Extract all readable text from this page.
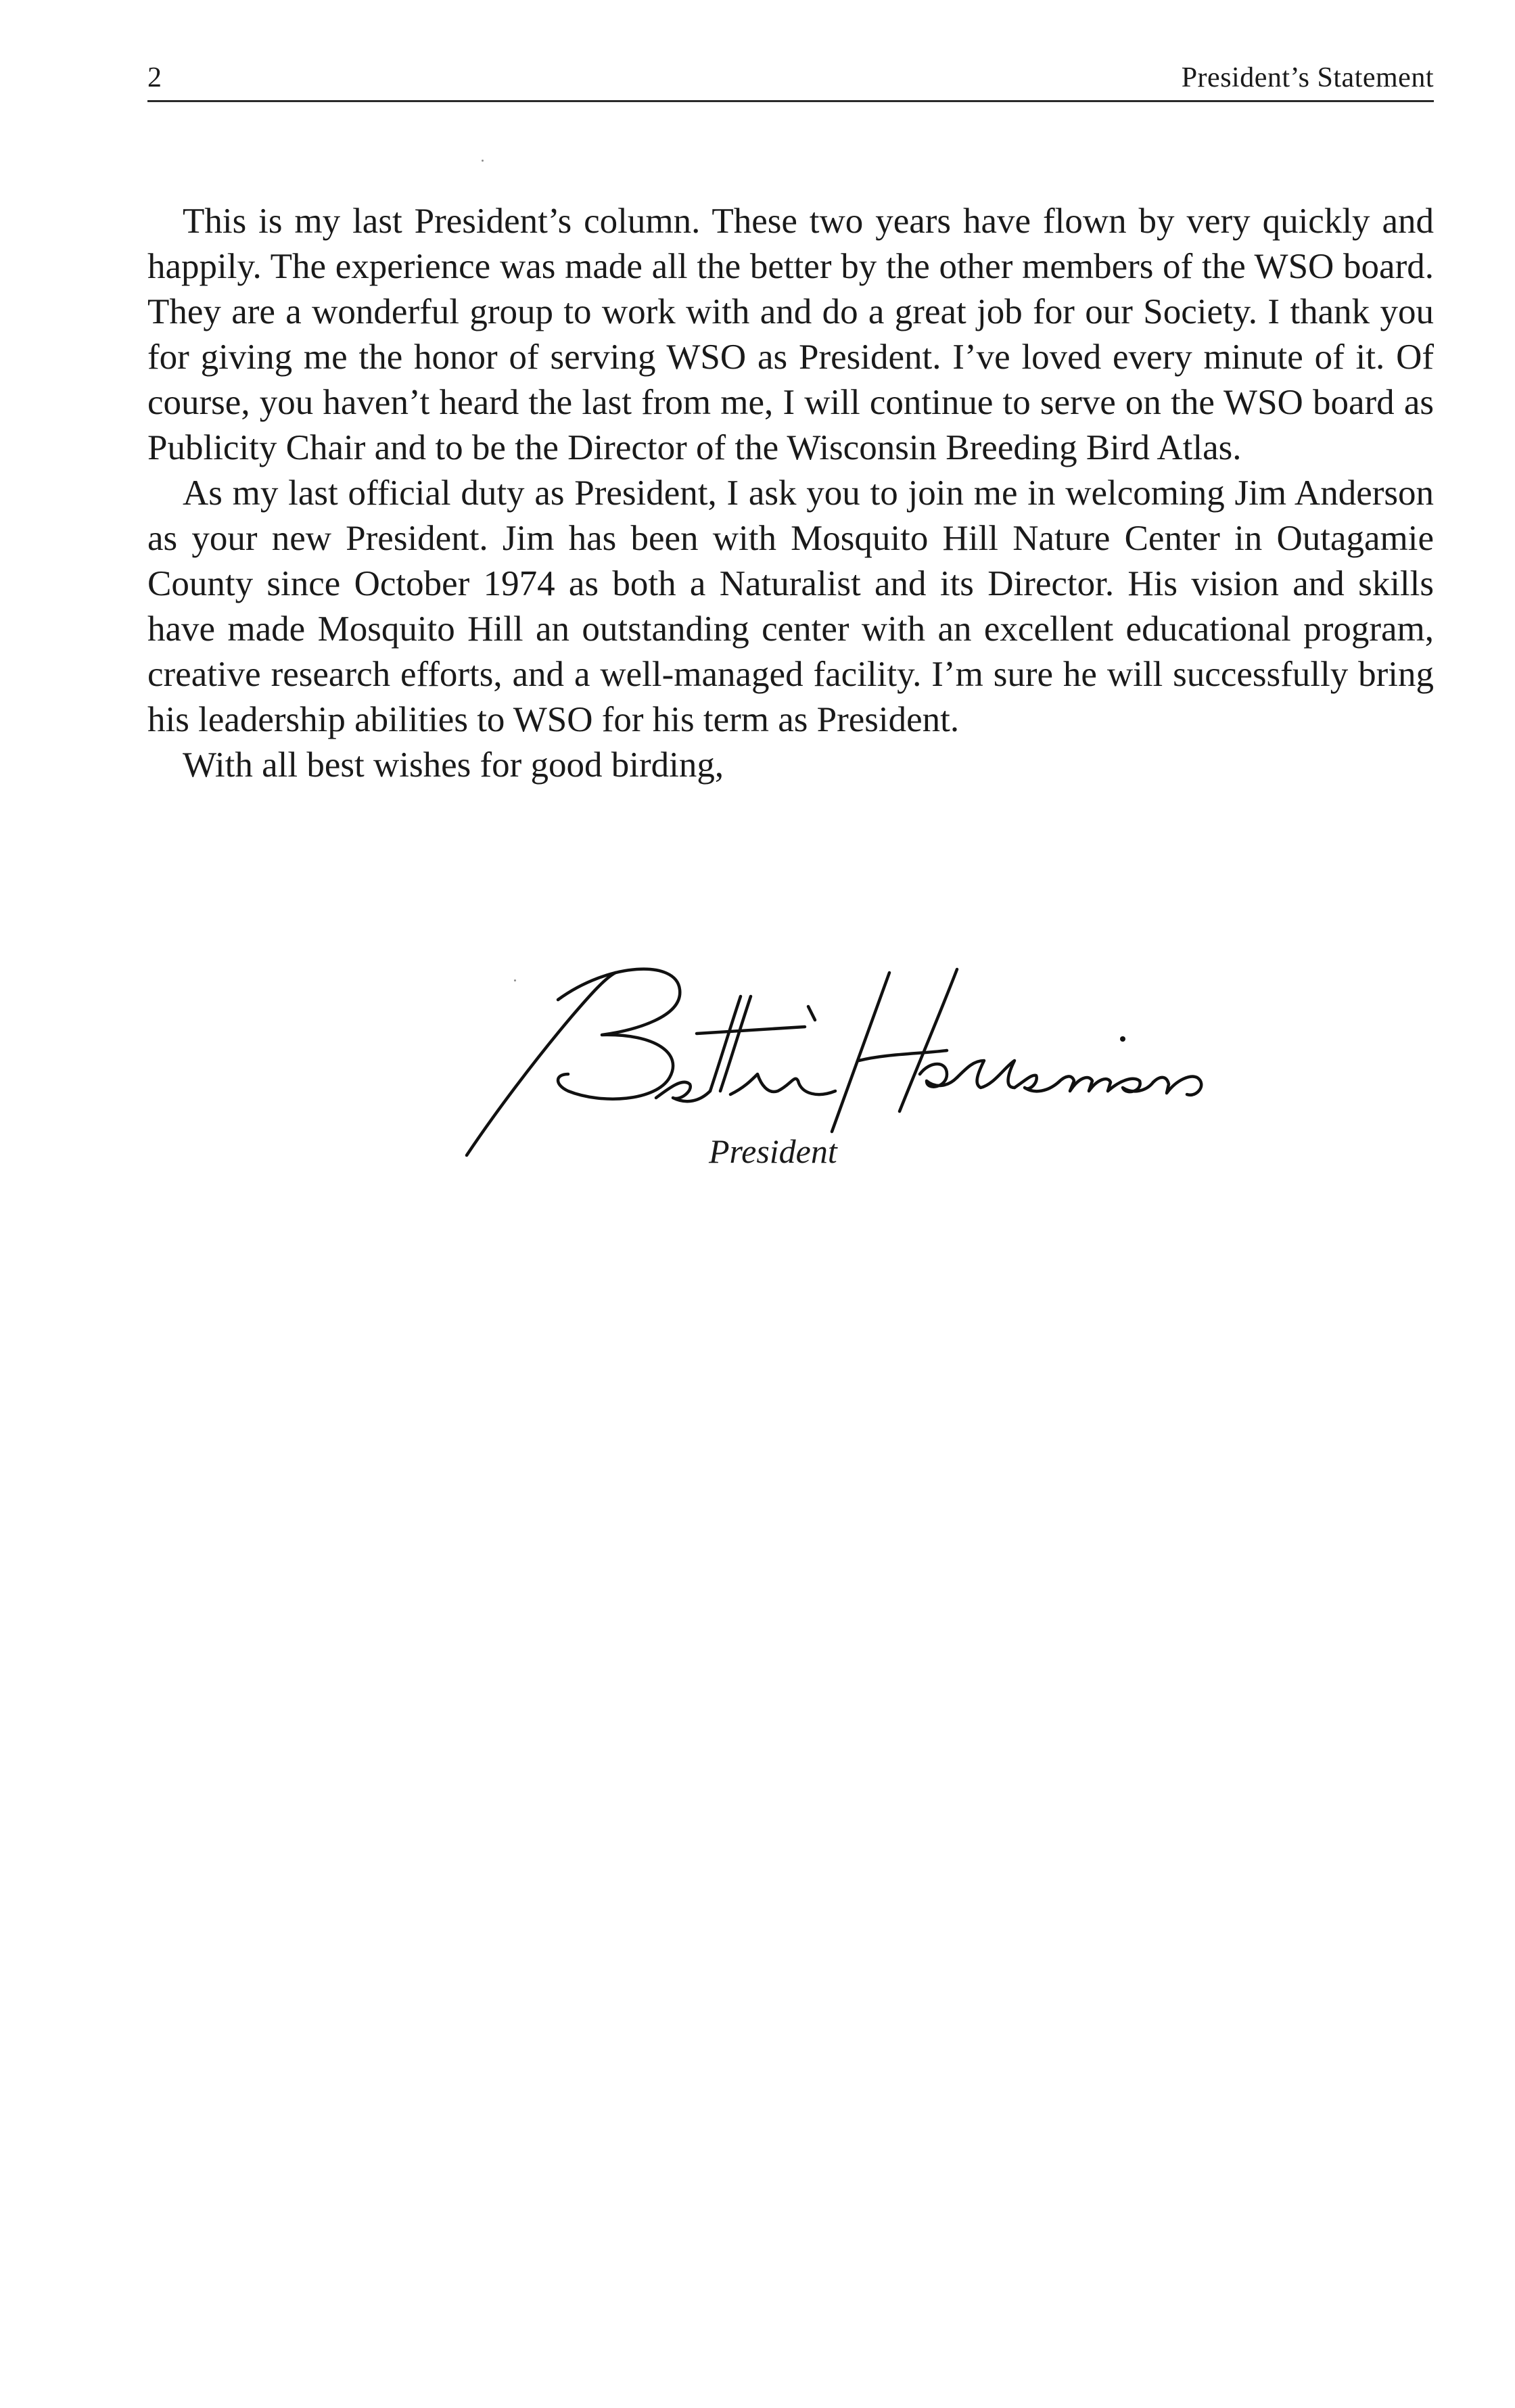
2	President’s Statement

This is my last President’s column. These two years have flown by very quickly and happily. The experience was made all the better by the other members of the WSO board. They are a wonderful group to work with and do a great job for our Society. I thank you for giving me the honor of serving WSO as President. I’ve loved every minute of it. Of course, you haven’t heard the last from me, I will continue to serve on the WSO board as Publicity Chair and to be the Director of the Wisconsin Breeding Bird Atlas.

As my last official duty as President, I ask you to join me in welcoming Jim Anderson as your new President. Jim has been with Mosquito Hill Nature Center in Outagamie County since October 1974 as both a Naturalist and its Director. His vision and skills have made Mosquito Hill an outstanding center with an excellent educational program, creative research efforts, and a well-managed facility. I’m sure he will successfully bring his leadership abilities to WSO for his term as President.

With all best wishes for good birding,

President
